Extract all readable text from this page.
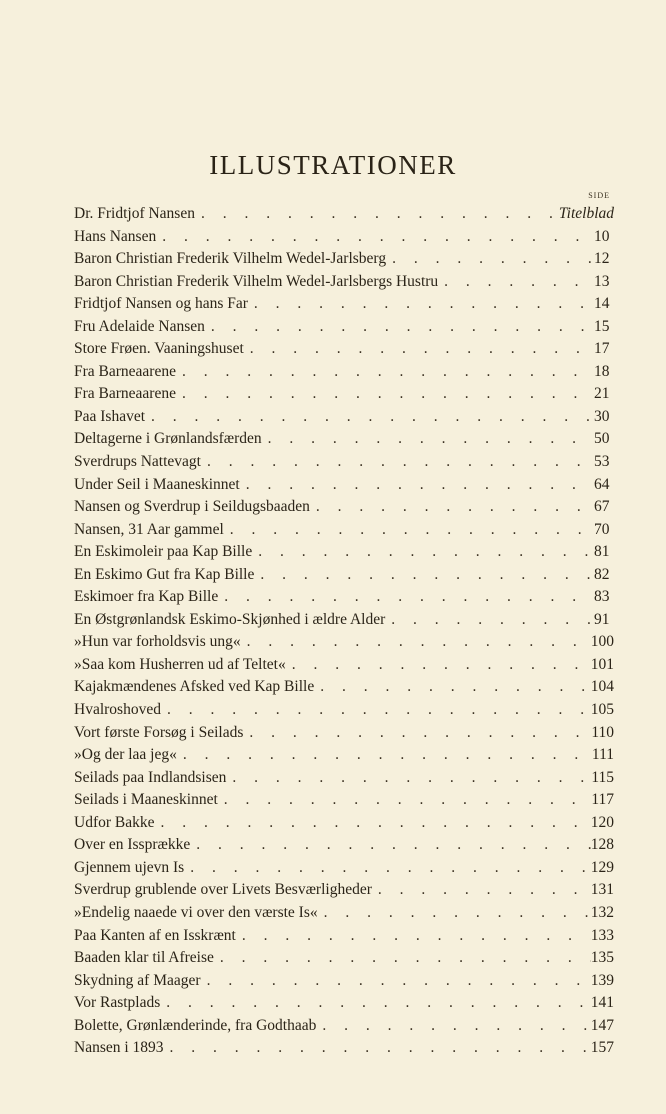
ILLUSTRATIONER
SIDE
Dr. Fridtjof Nansen . . .	Titelblad
Hans Nansen . . .	10
Baron Christian Frederik Vilhelm Wedel-Jarlsberg . . .	12
Baron Christian Frederik Vilhelm Wedel-Jarlsbergs Hustru . . .	13
Fridtjof Nansen og hans Far . . .	14
Fru Adelaide Nansen . . .	15
Store Frøen. Vaaningshuset . . .	17
Fra Barneaarene . . .	18
Fra Barneaarene . . .	21
Paa Ishavet . . .	30
Deltagerne i Grønlandsfærden . . .	50
Sverdrups Nattevagt . . .	53
Under Seil i Maaneskinnet . . .	64
Nansen og Sverdrup i Seildugsbaaden . . .	67
Nansen, 31 Aar gammel . . .	70
En Eskimoleir paa Kap Bille . . .	81
En Eskimo Gut fra Kap Bille . . .	82
Eskimoer fra Kap Bille . . .	83
En Østgrønlandsk Eskimo-Skjønhed i ældre Alder . . .	91
»Hun var forholdsvis ung« . . .	100
»Saa kom Husherren ud af Teltet« . . .	101
Kajakmændenes Afsked ved Kap Bille . . .	104
Hvalroshoved . . .	105
Vort første Forsøg i Seilads . . .	110
»Og der laa jeg« . . .	111
Seilads paa Indlandsisen . . .	115
Seilads i Maaneskinnet . . .	117
Udfor Bakke . . .	120
Over en Issprække . . .	128
Gjennem ujevn Is . . .	129
Sverdrup grublende over Livets Besværligheder . . .	131
»Endelig naaede vi over den værste Is« . . .	132
Paa Kanten af en Isskrænt . . .	133
Baaden klar til Afreise . . .	135
Skydning af Maager . . .	139
Vor Rastplads . . .	141
Bolette, Grønlænderinde, fra Godthaab . . .	147
Nansen i 1893 . . .	157
